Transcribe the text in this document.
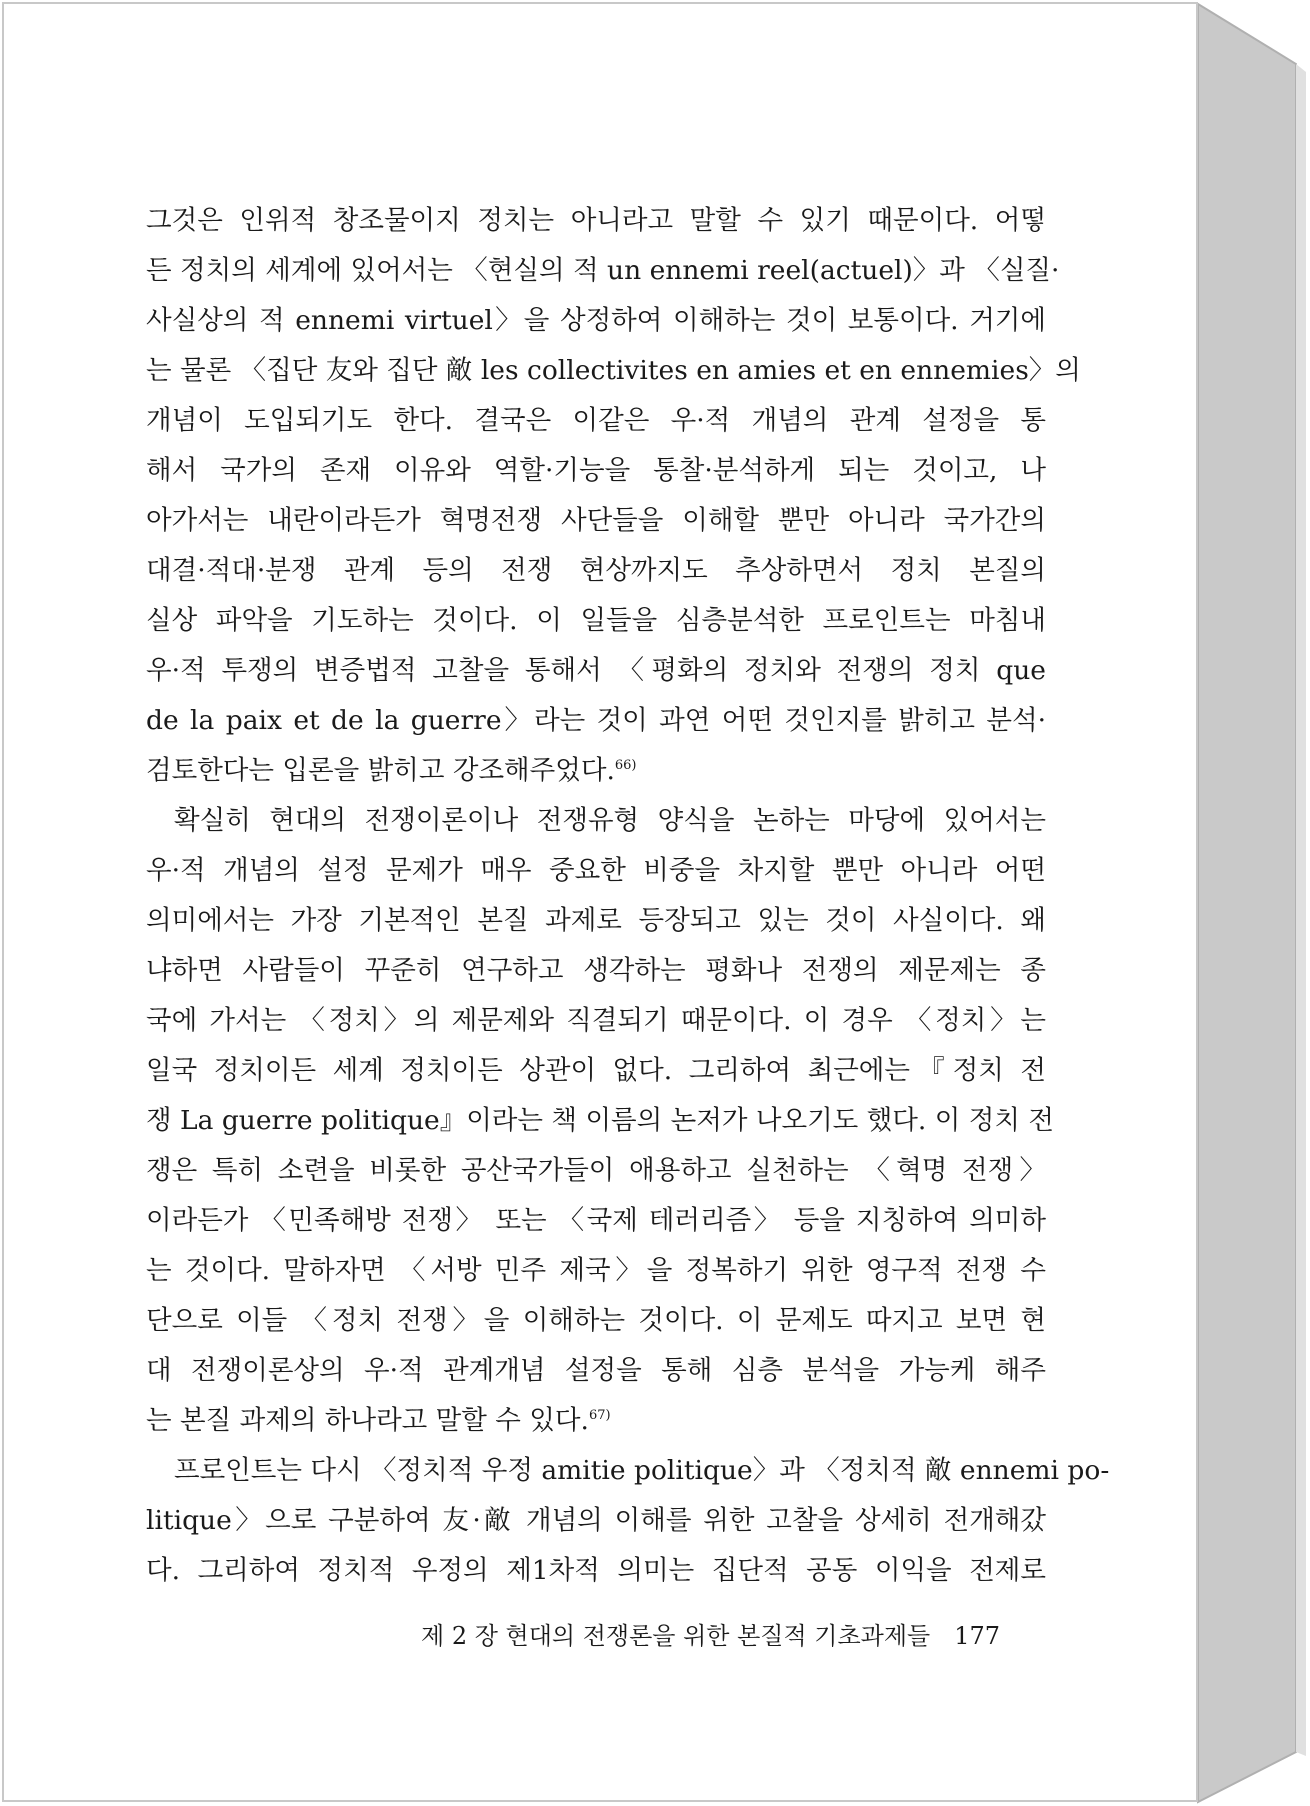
그것은 인위적 창조물이지 정치는 아니라고 말할 수 있기 때문이다. 어떻
든 정치의 세계에 있어서는 〈현실의 적 un ennemi reel(actuel)〉과 〈실질·
사실상의 적 ennemi virtuel〉을 상정하여 이해하는 것이 보통이다. 거기에
는 물론 〈집단 友와 집단 敵 les collectivites en amies et en ennemies〉의
개념이 도입되기도 한다. 결국은 이같은 우·적 개념의 관계 설정을 통
해서 국가의 존재 이유와 역할·기능을 통찰·분석하게 되는 것이고, 나
아가서는 내란이라든가 혁명전쟁 사단들을 이해할 뿐만 아니라 국가간의
대결·적대·분쟁 관계 등의 전쟁 현상까지도 추상하면서 정치 본질의
실상 파악을 기도하는 것이다. 이 일들을 심층분석한 프로인트는 마침내
우·적 투쟁의 변증법적 고찰을 통해서 〈평화의 정치와 전쟁의 정치 que
de la paix et de la guerre〉라는 것이 과연 어떤 것인지를 밝히고 분석·
검토한다는 입론을 밝히고 강조해주었다.$^{66)}$
확실히 현대의 전쟁이론이나 전쟁유형 양식을 논하는 마당에 있어서는
우·적 개념의 설정 문제가 매우 중요한 비중을 차지할 뿐만 아니라 어떤
의미에서는 가장 기본적인 본질 과제로 등장되고 있는 것이 사실이다. 왜
냐하면 사람들이 꾸준히 연구하고 생각하는 평화나 전쟁의 제문제는 종
국에 가서는 〈정치〉의 제문제와 직결되기 때문이다. 이 경우 〈정치〉는
일국 정치이든 세계 정치이든 상관이 없다. 그리하여 최근에는『정치 전
쟁 La guerre politique』이라는 책 이름의 논저가 나오기도 했다. 이 정치 전
쟁은 특히 소련을 비롯한 공산국가들이 애용하고 실천하는 〈혁명 전쟁〉
이라든가 〈민족해방 전쟁〉 또는 〈국제 테러리즘〉 등을 지칭하여 의미하
는 것이다. 말하자면 〈서방 민주 제국〉을 정복하기 위한 영구적 전쟁 수
단으로 이들 〈정치 전쟁〉을 이해하는 것이다. 이 문제도 따지고 보면 현
대 전쟁이론상의 우·적 관계개념 설정을 통해 심층 분석을 가능케 해주
는 본질 과제의 하나라고 말할 수 있다.$^{67)}$
프로인트는 다시 〈정치적 우정 amitie politique〉과 〈정치적 敵 ennemi po-
litique〉으로 구분하여 友·敵 개념의 이해를 위한 고찰을 상세히 전개해갔
다. 그리하여 정치적 우정의 제1차적 의미는 집단적 공동 이익을 전제로
제 2 장 현대의 전쟁론을 위한 본질적 기초과제들 177
